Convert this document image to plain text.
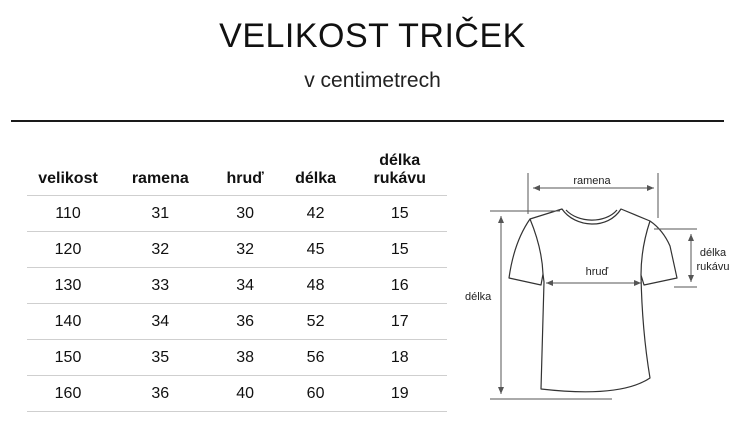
VELIKOST TRIČEK
v centimetrech
velikost	ramena	hruď	délka	délka
rukávu
110	31	30	42	15
120	32	32	45	15
130	33	34	48	16
140	34	36	52	17
150	35	38	56	18
160	36	40	60	19
ramena
hruď
délka
délka
rukávu
